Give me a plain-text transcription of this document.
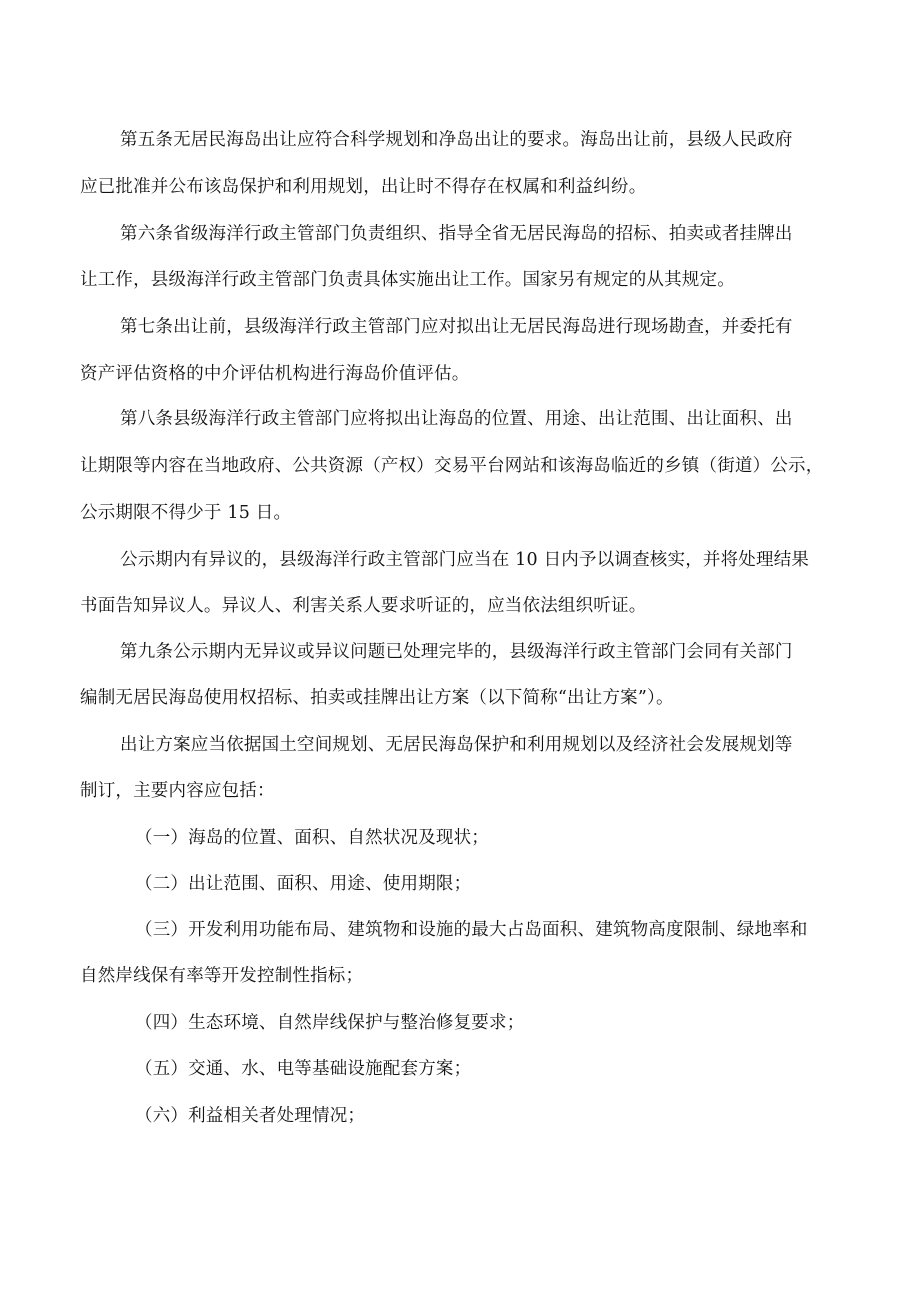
第五条无居民海岛出让应符合科学规划和净岛出让的要求。海岛出让前，县级人民政府
应已批准并公布该岛保护和利用规划，出让时不得存在权属和利益纠纷。
第六条省级海洋行政主管部门负责组织、指导全省无居民海岛的招标、拍卖或者挂牌出
让工作，县级海洋行政主管部门负责具体实施出让工作。国家另有规定的从其规定。
第七条出让前，县级海洋行政主管部门应对拟出让无居民海岛进行现场勘查，并委托有
资产评估资格的中介评估机构进行海岛价值评估。
第八条县级海洋行政主管部门应将拟出让海岛的位置、用途、出让范围、出让面积、出
让期限等内容在当地政府、公共资源（产权）交易平台网站和该海岛临近的乡镇（街道）公示，
公示期限不得少于 15 日。
公示期内有异议的，县级海洋行政主管部门应当在 10 日内予以调查核实，并将处理结果
书面告知异议人。异议人、利害关系人要求听证的，应当依法组织听证。
第九条公示期内无异议或异议问题已处理完毕的，县级海洋行政主管部门会同有关部门
编制无居民海岛使用权招标、拍卖或挂牌出让方案（以下简称“出让方案”）。
出让方案应当依据国土空间规划、无居民海岛保护和利用规划以及经济社会发展规划等
制订，主要内容应包括：
（一）海岛的位置、面积、自然状况及现状；
（二）出让范围、面积、用途、使用期限；
（三）开发利用功能布局、建筑物和设施的最大占岛面积、建筑物高度限制、绿地率和
自然岸线保有率等开发控制性指标；
（四）生态环境、自然岸线保护与整治修复要求；
（五）交通、水、电等基础设施配套方案；
（六）利益相关者处理情况；
